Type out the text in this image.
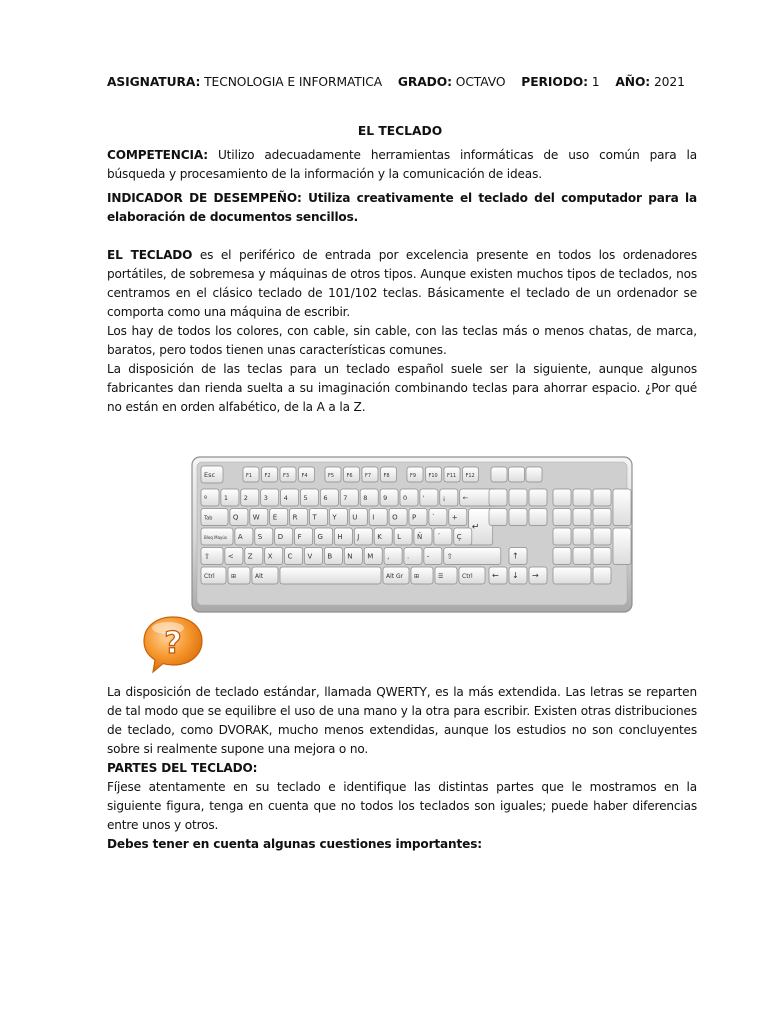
ASIGNATURA: TECNOLOGIA E INFORMATICA GRADO: OCTAVO PERIODO: 1 AÑO: 2021
EL TECLADO
COMPETENCIA: Utilizo adecuadamente herramientas informáticas de uso común para la búsqueda y procesamiento de la información y la comunicación de ideas.
INDICADOR DE DESEMPEÑO: Utiliza creativamente el teclado del computador para la elaboración de documentos sencillos.
EL TECLADO es el periférico de entrada por excelencia presente en todos los ordenadores portátiles, de sobremesa y máquinas de otros tipos. Aunque existen muchos tipos de teclados, nos centramos en el clásico teclado de 101/102 teclas. Básicamente el teclado de un ordenador se comporta como una máquina de escribir.
Los hay de todos los colores, con cable, sin cable, con las teclas más o menos chatas, de marca, baratos, pero todos tienen unas características comunes.
La disposición de las teclas para un teclado español suele ser la siguiente, aunque algunos fabricantes dan rienda suelta a su imaginación combinando teclas para ahorrar espacio. ¿Por qué no están en orden alfabético, de la A a la Z.
Esc	F1 F2 F3 F4	F5 F6 F7 F8	F9 F10 F11 F12
º	1 2 3 4 5 6 7 8 9 0 '	¡	←
Tab	Q W E R T Y U I	O P ` +
↵
Bloq Mayús A S D F G H J	K L Ñ ´ Ç
⇧	< Z X C V B N M ,	.	- ⇧
Ctrl	⊞	Alt	Alt Gr ⊞	☰	Ctrl
↑
← ↓ →
?
La disposición de teclado estándar, llamada QWERTY, es la más extendida. Las letras se reparten de tal modo que se equilibre el uso de una mano y la otra para escribir. Existen otras distribuciones de teclado, como DVORAK, mucho menos extendidas, aunque los estudios no son concluyentes sobre si realmente supone una mejora o no.
PARTES DEL TECLADO:
Fíjese atentamente en su teclado e identifique las distintas partes que le mostramos en la siguiente figura, tenga en cuenta que no todos los teclados son iguales; puede haber diferencias entre unos y otros.
Debes tener en cuenta algunas cuestiones importantes:
